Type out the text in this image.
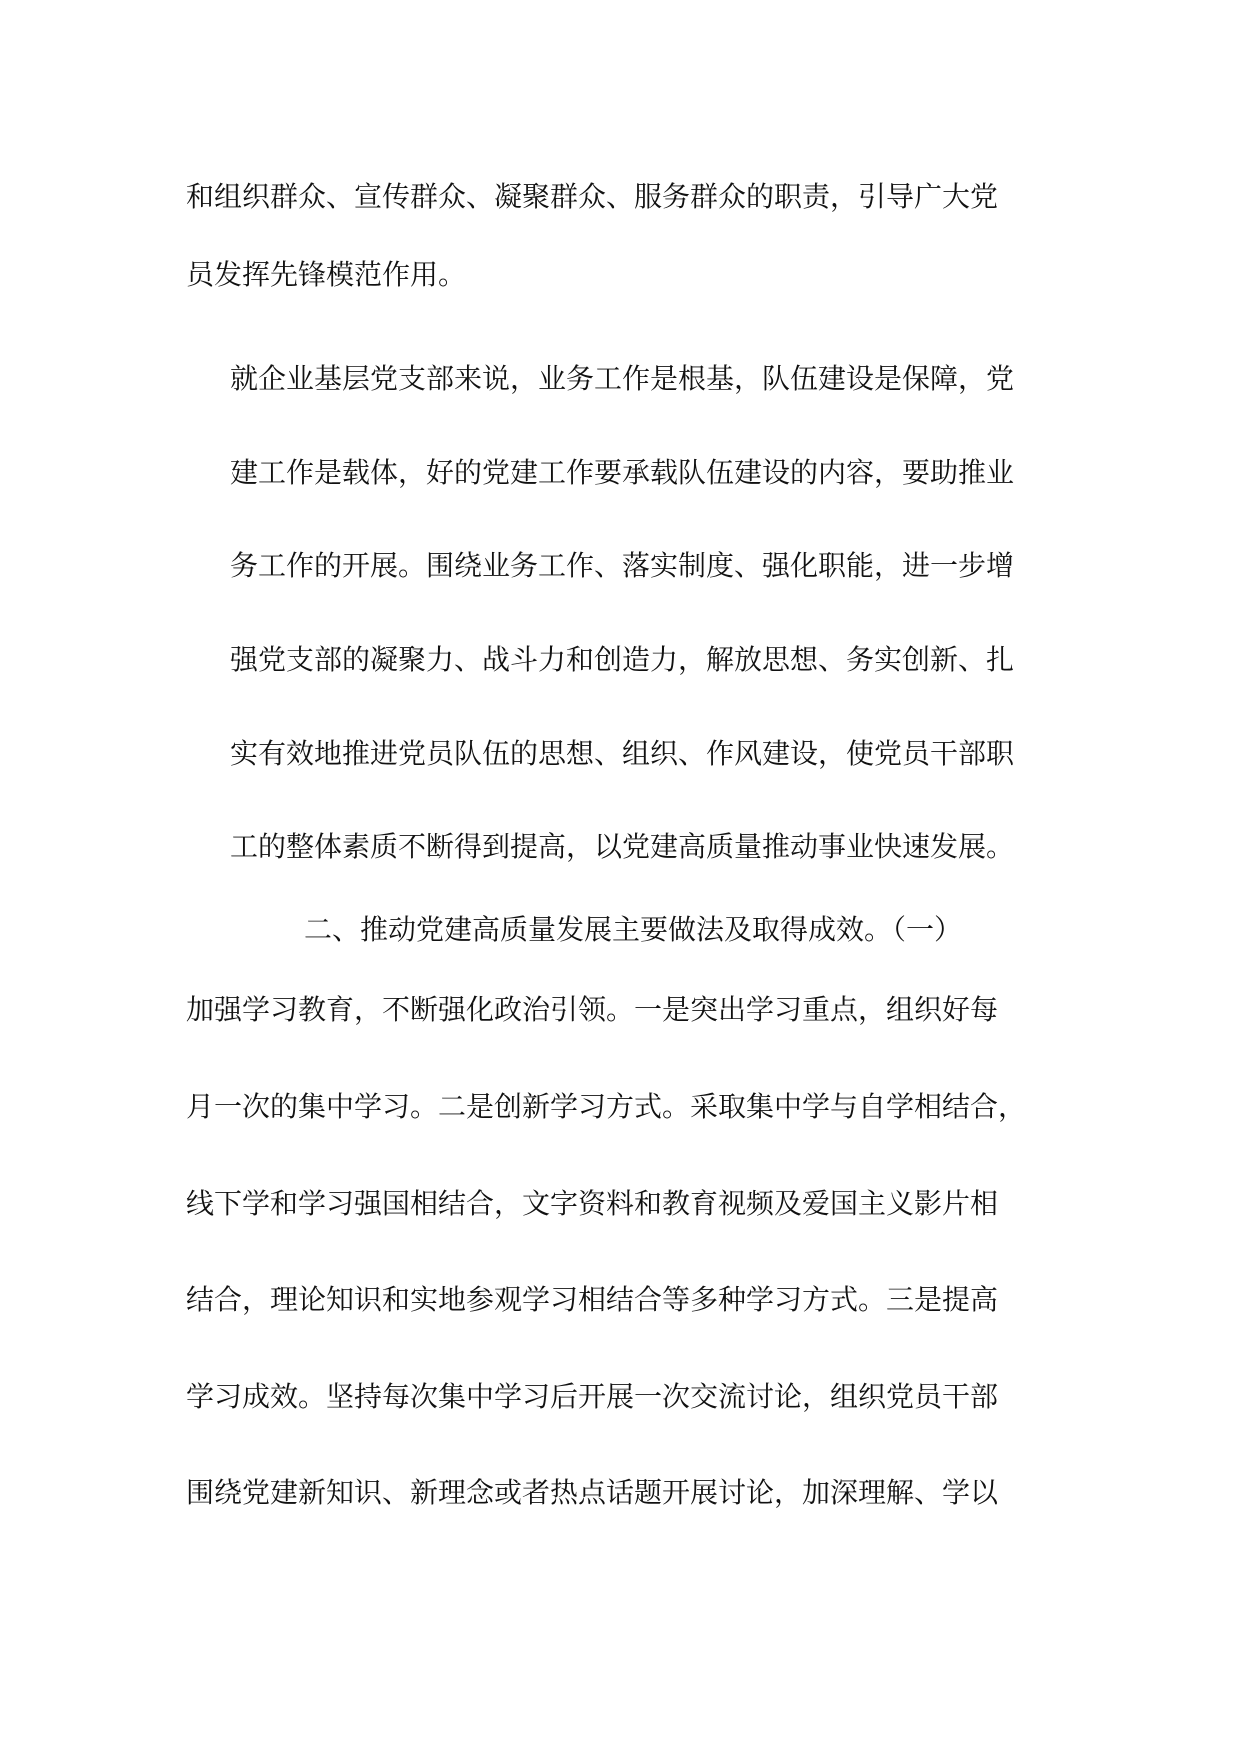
和组织群众、宣传群众、凝聚群众、服务群众的职责，引导广大党

员发挥先锋模范作用。

就企业基层党支部来说，业务工作是根基，队伍建设是保障，党

建工作是载体，好的党建工作要承载队伍建设的内容，要助推业

务工作的开展。围绕业务工作、落实制度、强化职能，进一步增

强党支部的凝聚力、战斗力和创造力，解放思想、务实创新、扎

实有效地推进党员队伍的思想、组织、作风建设，使党员干部职

工的整体素质不断得到提高，以党建高质量推动事业快速发展。

二、推动党建高质量发展主要做法及取得成效。（一）

加强学习教育，不断强化政治引领。一是突出学习重点，组织好每

月一次的集中学习。二是创新学习方式。采取集中学与自学相结合，

线下学和学习强国相结合，文字资料和教育视频及爱国主义影片相

结合，理论知识和实地参观学习相结合等多种学习方式。三是提高

学习成效。坚持每次集中学习后开展一次交流讨论，组织党员干部

围绕党建新知识、新理念或者热点话题开展讨论，加深理解、学以
